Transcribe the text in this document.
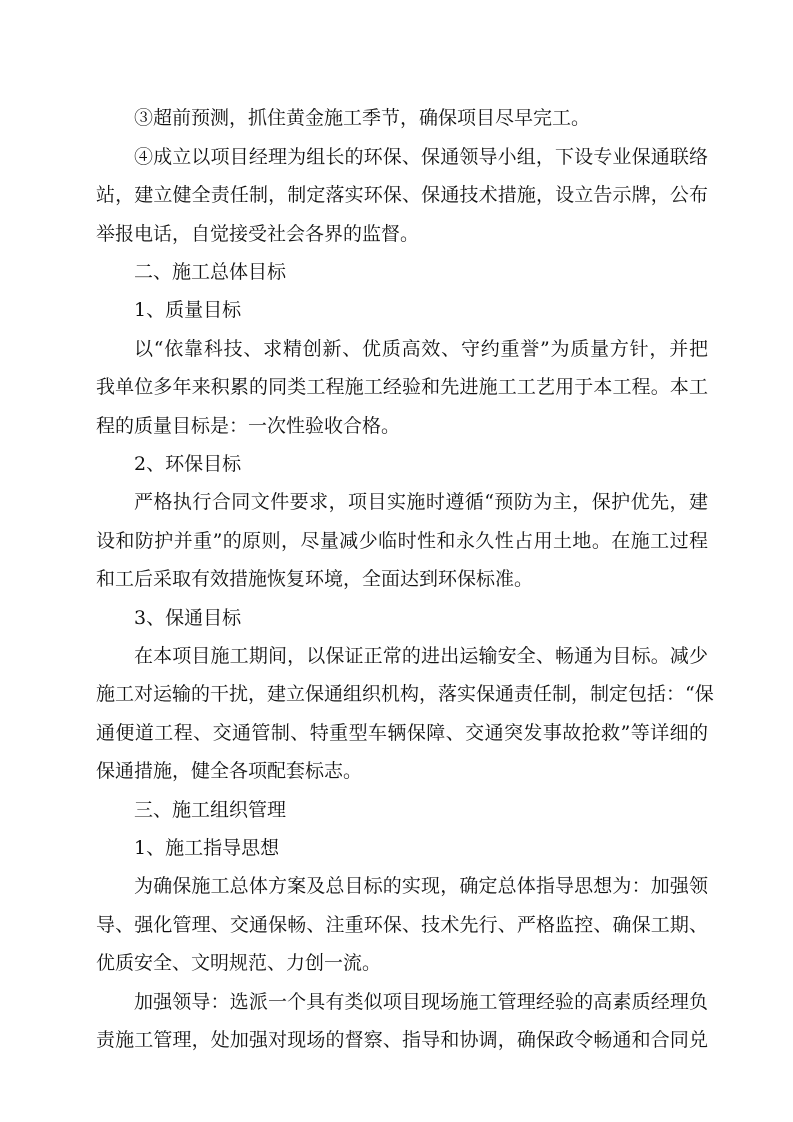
③超前预测，抓住黄金施工季节，确保项目尽早完工。
④成立以项目经理为组长的环保、保通领导小组，下设专业保通联络
站，建立健全责任制，制定落实环保、保通技术措施，设立告示牌，公布
举报电话，自觉接受社会各界的监督。
二、施工总体目标
1、质量目标
以“依靠科技、求精创新、优质高效、守约重誉”为质量方针，并把
我单位多年来积累的同类工程施工经验和先进施工工艺用于本工程。本工
程的质量目标是：一次性验收合格。
2、环保目标
严格执行合同文件要求，项目实施时遵循“预防为主，保护优先，建
设和防护并重”的原则，尽量减少临时性和永久性占用土地。在施工过程
和工后采取有效措施恢复环境，全面达到环保标准。
3、保通目标
在本项目施工期间，以保证正常的进出运输安全、畅通为目标。减少
施工对运输的干扰，建立保通组织机构，落实保通责任制，制定包括：“保
通便道工程、交通管制、特重型车辆保障、交通突发事故抢救”等详细的
保通措施，健全各项配套标志。
三、施工组织管理
1、施工指导思想
为确保施工总体方案及总目标的实现，确定总体指导思想为：加强领
导、强化管理、交通保畅、注重环保、技术先行、严格监控、确保工期、
优质安全、文明规范、力创一流。
加强领导：选派一个具有类似项目现场施工管理经验的高素质经理负
责施工管理，处加强对现场的督察、指导和协调，确保政令畅通和合同兑
